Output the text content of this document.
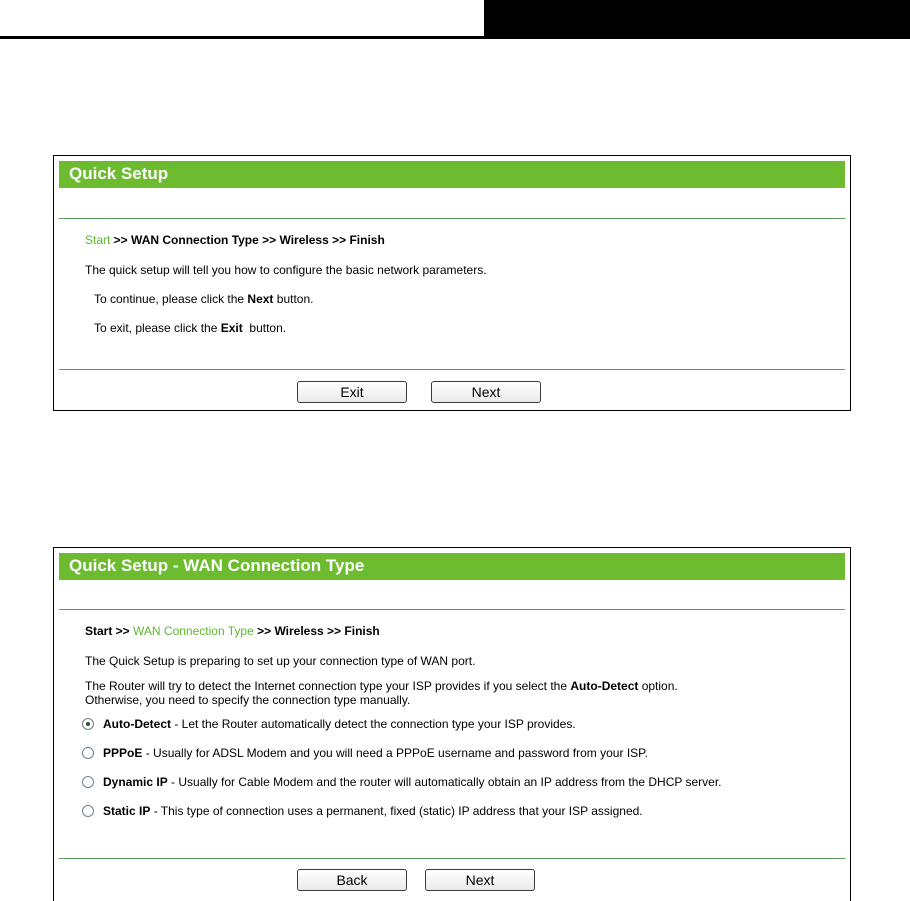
Quick Setup
Start >> WAN Connection Type >> Wireless >> Finish
The quick setup will tell you how to configure the basic network parameters.
To continue, please click the Next button.
To exit, please click the Exit  button.
Exit	Next
Quick Setup - WAN Connection Type
Start >> WAN Connection Type >> Wireless >> Finish
The Quick Setup is preparing to set up your connection type of WAN port.
The Router will try to detect the Internet connection type your ISP provides if you select the Auto-Detect option.
Otherwise, you need to specify the connection type manually.
Auto-Detect - Let the Router automatically detect the connection type your ISP provides.
PPPoE - Usually for ADSL Modem and you will need a PPPoE username and password from your ISP.
Dynamic IP - Usually for Cable Modem and the router will automatically obtain an IP address from the DHCP server.
Static IP - This type of connection uses a permanent, fixed (static) IP address that your ISP assigned.
Back	Next
